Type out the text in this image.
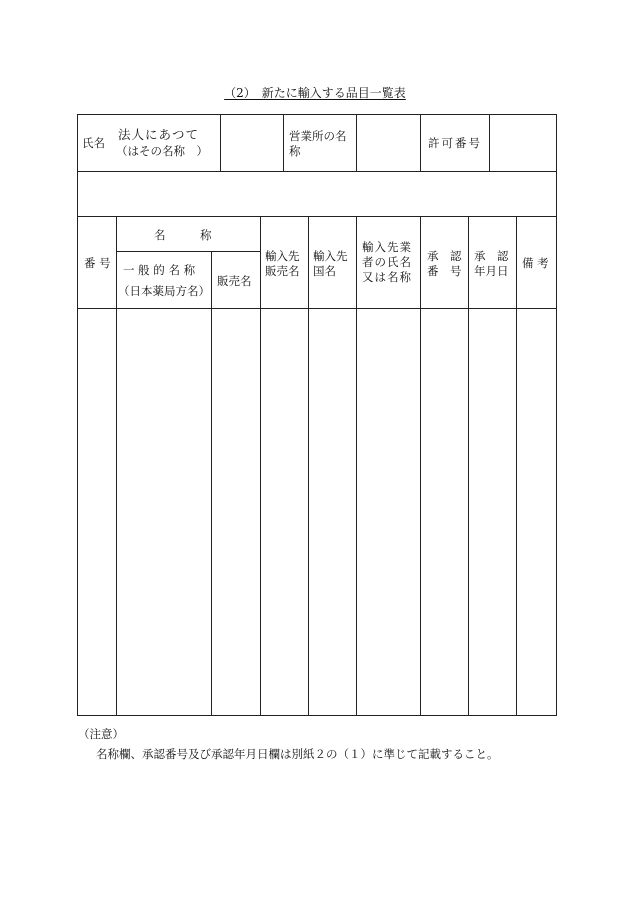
（2）　新たに輸入する品目一覧表
氏名
法人にあつて
（はその名称　）
営業所の名
称
許可番号
番 号
名　　　称
一 般 的 名 称
（日本薬局方名）
販売名
輸入先
販売名
輸入先
国名
輸入先業
者の氏名
又は名称
承　認
番　号
承　認
年月日
備 考
（注意）
名称欄、承認番号及び承認年月日欄は別紙２の（１）に準じて記載すること。
